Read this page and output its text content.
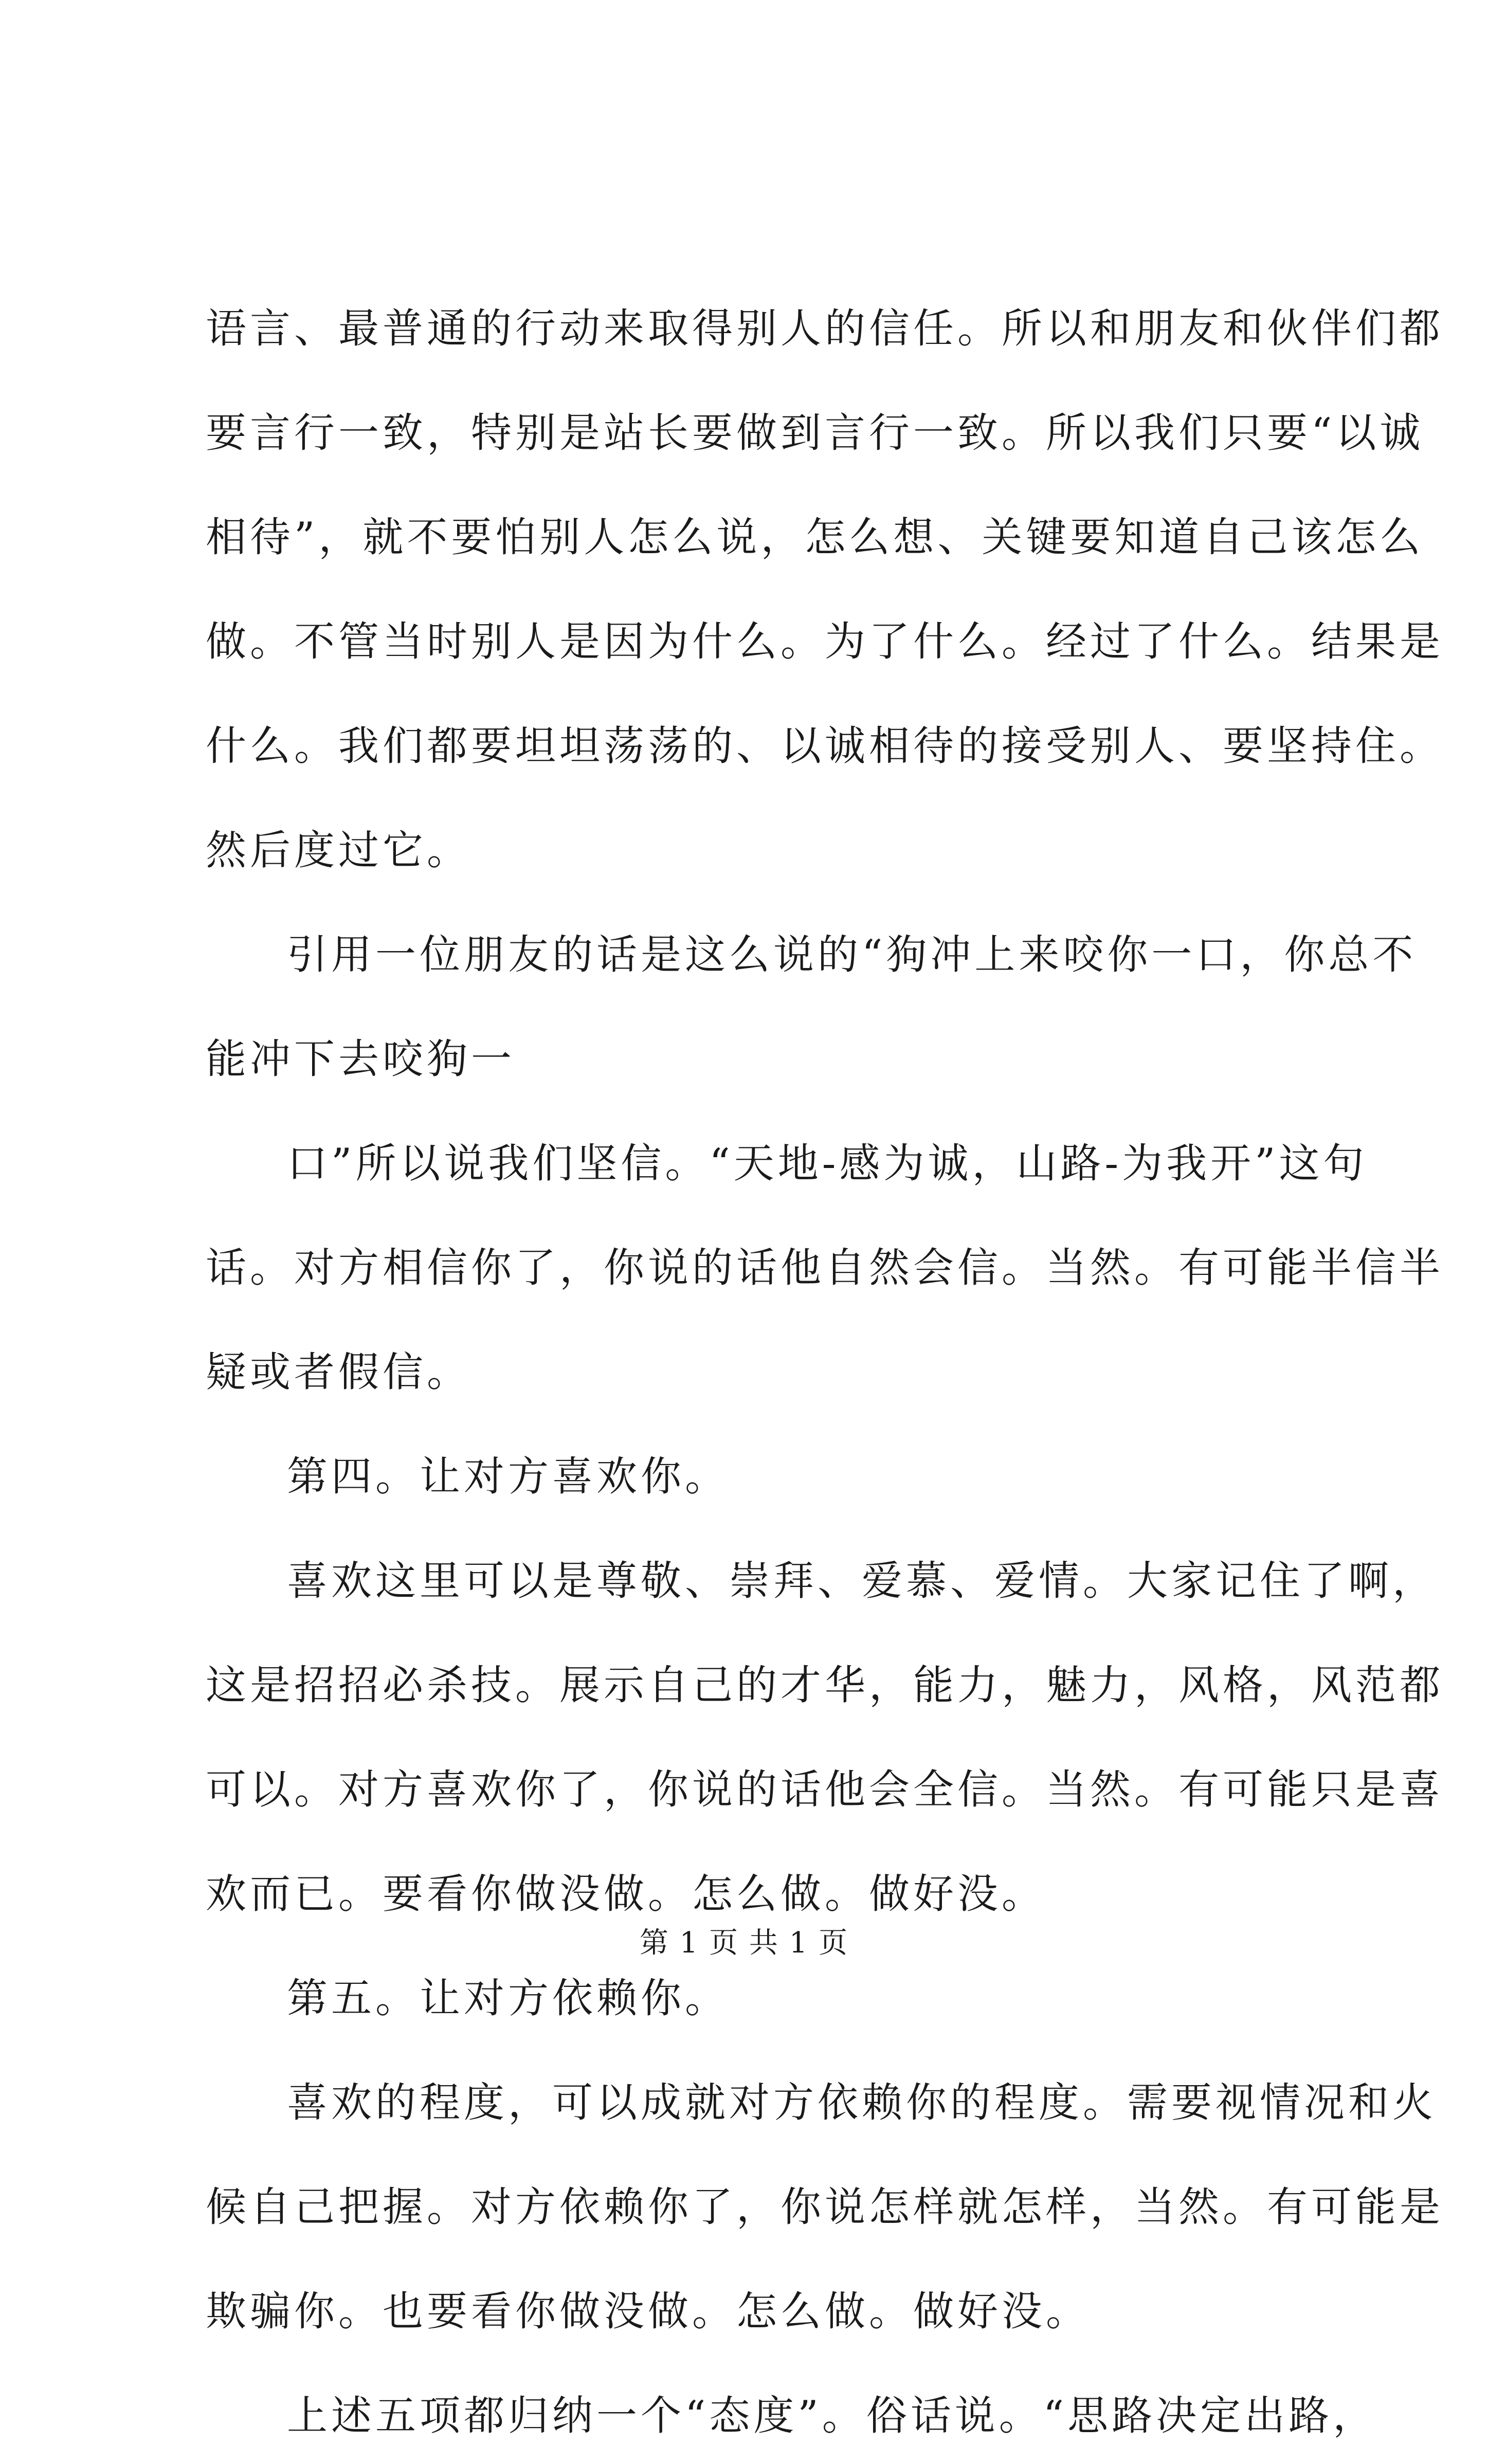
语言、最普通的行动来取得别人的信任。所以和朋友和伙伴们都
要言行一致，特别是站长要做到言行一致。所以我们只要“以诚
相待”，就不要怕别人怎么说，怎么想、关键要知道自己该怎么
做。不管当时别人是因为什么。为了什么。经过了什么。结果是
什么。我们都要坦坦荡荡的、以诚相待的接受别人、要坚持住。
然后度过它。
引用一位朋友的话是这么说的“狗冲上来咬你一口，你总不
能冲下去咬狗一
口”所以说我们坚信。“天地-感为诚，山路-为我开”这句
话。对方相信你了，你说的话他自然会信。当然。有可能半信半
疑或者假信。
第四。让对方喜欢你。
喜欢这里可以是尊敬、崇拜、爱慕、爱情。大家记住了啊，
这是招招必杀技。展示自己的才华，能力，魅力，风格，风范都
可以。对方喜欢你了，你说的话他会全信。当然。有可能只是喜
欢而已。要看你做没做。怎么做。做好没。
第五。让对方依赖你。
喜欢的程度，可以成就对方依赖你的程度。需要视情况和火
候自己把握。对方依赖你了，你说怎样就怎样，当然。有可能是
欺骗你。也要看你做没做。怎么做。做好没。
上述五项都归纳一个“态度”。俗话说。“思路决定出路，
第 1 页 共 1 页
